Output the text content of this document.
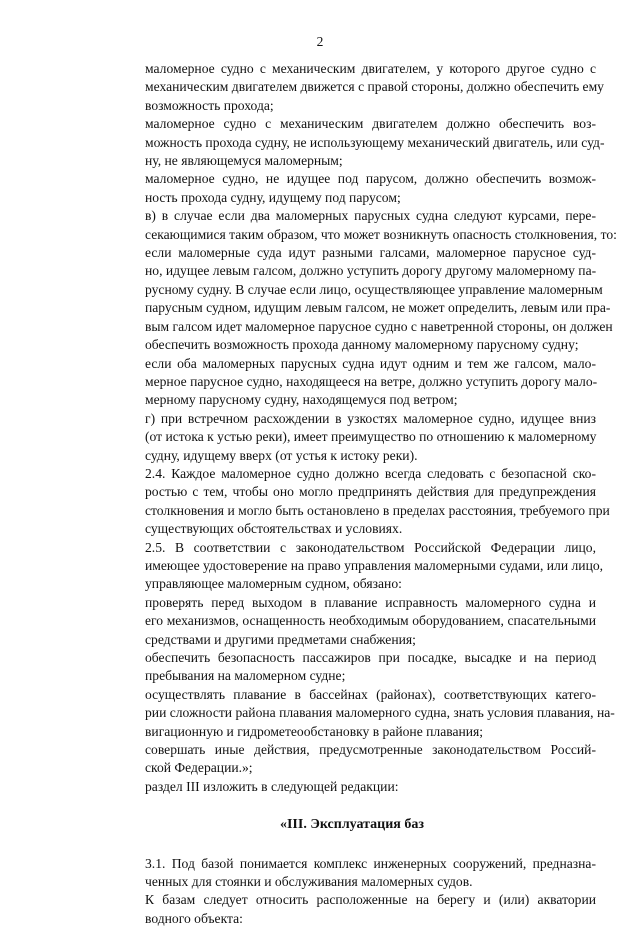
2
маломерное судно с механическим двигателем, у которого другое судно с
механическим двигателем движется с правой стороны, должно обеспечить ему
возможность прохода;
маломерное судно с механическим двигателем должно обеспечить воз-
можность прохода судну, не использующему механический двигатель, или суд-
ну, не являющемуся маломерным;
маломерное судно, не идущее под парусом, должно обеспечить возмож-
ность прохода судну, идущему под парусом;
в) в случае если два маломерных парусных судна следуют курсами, пере-
секающимися таким образом, что может возникнуть опасность столкновения, то:
если маломерные суда идут разными галсами, маломерное парусное суд-
но, идущее левым галсом, должно уступить дорогу другому маломерному па-
русному судну. В случае если лицо, осуществляющее управление маломерным
парусным судном, идущим левым галсом, не может определить, левым или пра-
вым галсом идет маломерное парусное судно с наветренной стороны, он должен
обеспечить возможность прохода данному маломерному парусному судну;
если оба маломерных парусных судна идут одним и тем же галсом, мало-
мерное парусное судно, находящееся на ветре, должно уступить дорогу мало-
мерному парусному судну, находящемуся под ветром;
г) при встречном расхождении в узкостях маломерное судно, идущее вниз
(от истока к устью реки), имеет преимущество по отношению к маломерному
судну, идущему вверх (от устья к истоку реки).
2.4. Каждое маломерное судно должно всегда следовать с безопасной ско-
ростью с тем, чтобы оно могло предпринять действия для предупреждения
столкновения и могло быть остановлено в пределах расстояния, требуемого при
существующих обстоятельствах и условиях.
2.5. В соответствии с законодательством Российской Федерации лицо,
имеющее удостоверение на право управления маломерными судами, или лицо,
управляющее маломерным судном, обязано:
проверять перед выходом в плавание исправность маломерного судна и
его механизмов, оснащенность необходимым оборудованием, спасательными
средствами и другими предметами снабжения;
обеспечить безопасность пассажиров при посадке, высадке и на период
пребывания на маломерном судне;
осуществлять плавание в бассейнах (районах), соответствующих катего-
рии сложности района плавания маломерного судна, знать условия плавания, на-
вигационную и гидрометеообстановку в районе плавания;
совершать иные действия, предусмотренные законодательством Россий-
ской Федерации.»;
раздел III изложить в следующей редакции:
«III. Эксплуатация баз
3.1. Под базой понимается комплекс инженерных сооружений, предназна-
ченных для стоянки и обслуживания маломерных судов.
К базам следует относить расположенные на берегу и (или) акватории
водного объекта:
